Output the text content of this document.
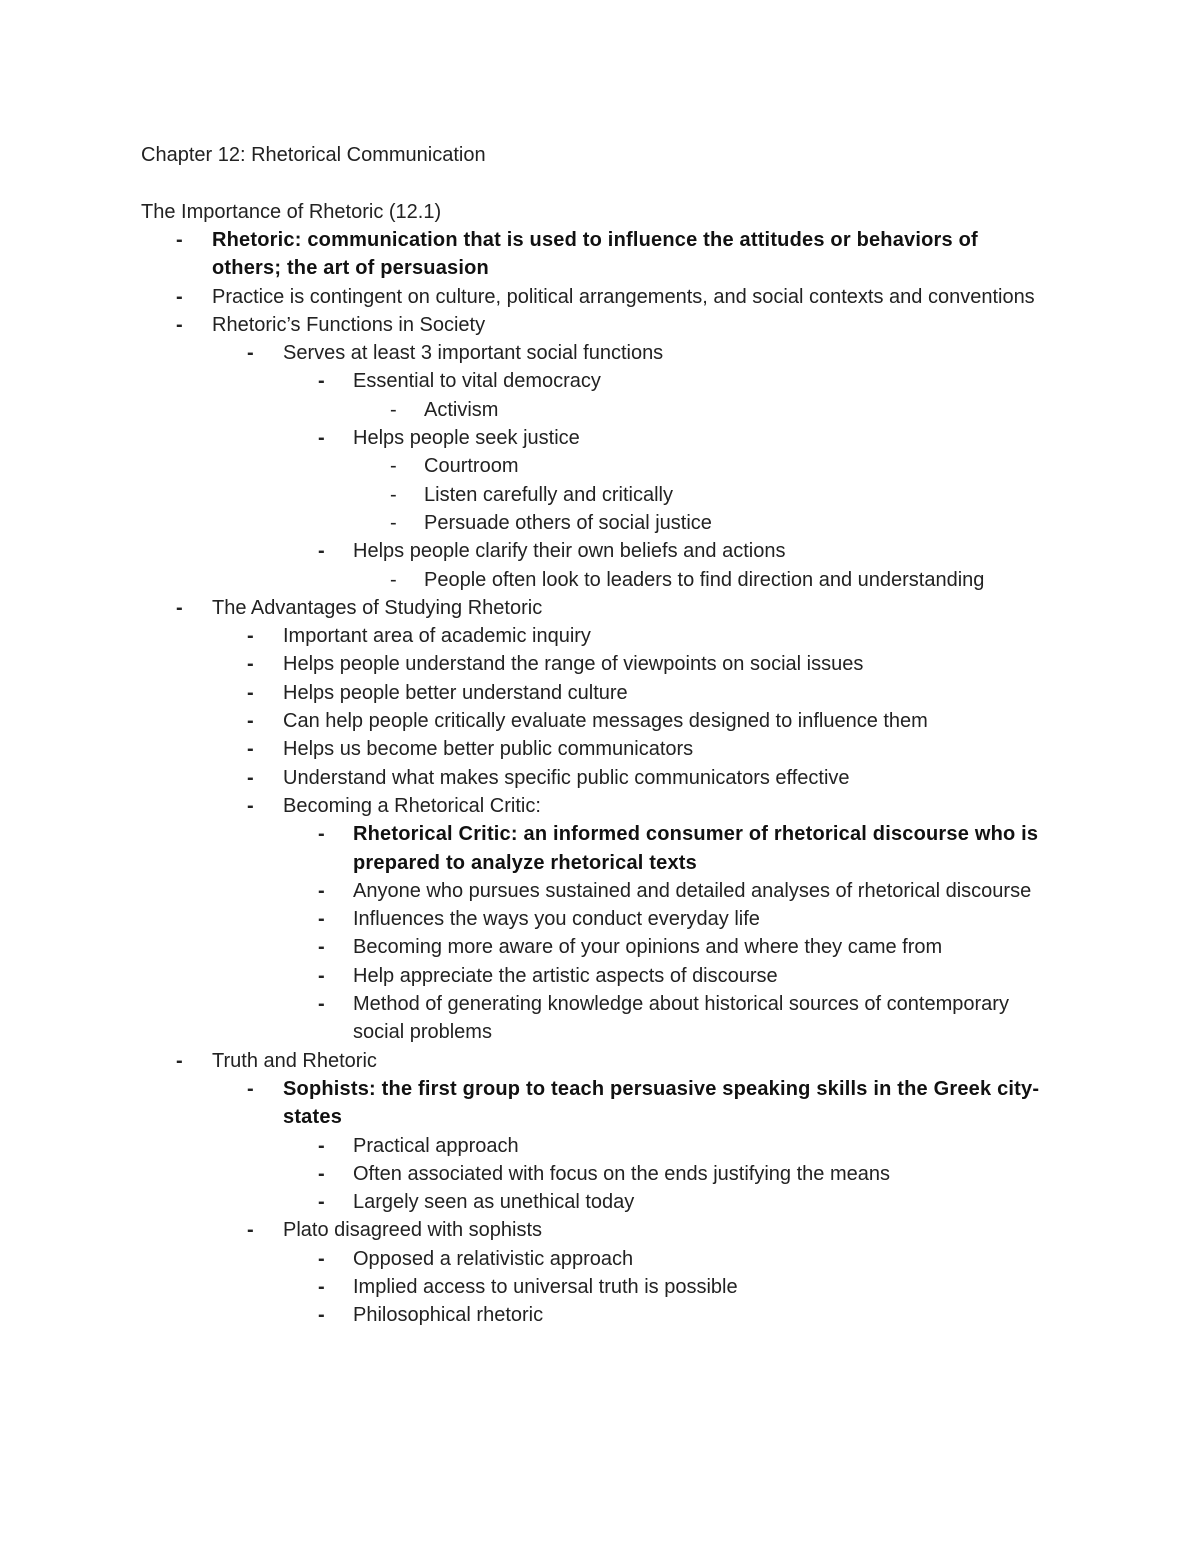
Chapter 12: Rhetorical Communication
The Importance of Rhetoric (12.1)
- Rhetoric: communication that is used to influence the attitudes or behaviors of others; the art of persuasion
- Practice is contingent on culture, political arrangements, and social contexts and conventions
- Rhetoric’s Functions in Society
- Serves at least 3 important social functions
- Essential to vital democracy
- Activism
- Helps people seek justice
- Courtroom
- Listen carefully and critically
- Persuade others of social justice
- Helps people clarify their own beliefs and actions
- People often look to leaders to find direction and understanding
- The Advantages of Studying Rhetoric
- Important area of academic inquiry
- Helps people understand the range of viewpoints on social issues
- Helps people better understand culture
- Can help people critically evaluate messages designed to influence them
- Helps us become better public communicators
- Understand what makes specific public communicators effective
- Becoming a Rhetorical Critic:
- Rhetorical Critic: an informed consumer of rhetorical discourse who is prepared to analyze rhetorical texts
- Anyone who pursues sustained and detailed analyses of rhetorical discourse
- Influences the ways you conduct everyday life
- Becoming more aware of your opinions and where they came from
- Help appreciate the artistic aspects of discourse
- Method of generating knowledge about historical sources of contemporary social problems
- Truth and Rhetoric
- Sophists: the first group to teach persuasive speaking skills in the Greek city-states
- Practical approach
- Often associated with focus on the ends justifying the means
- Largely seen as unethical today
- Plato disagreed with sophists
- Opposed a relativistic approach
- Implied access to universal truth is possible
- Philosophical rhetoric
